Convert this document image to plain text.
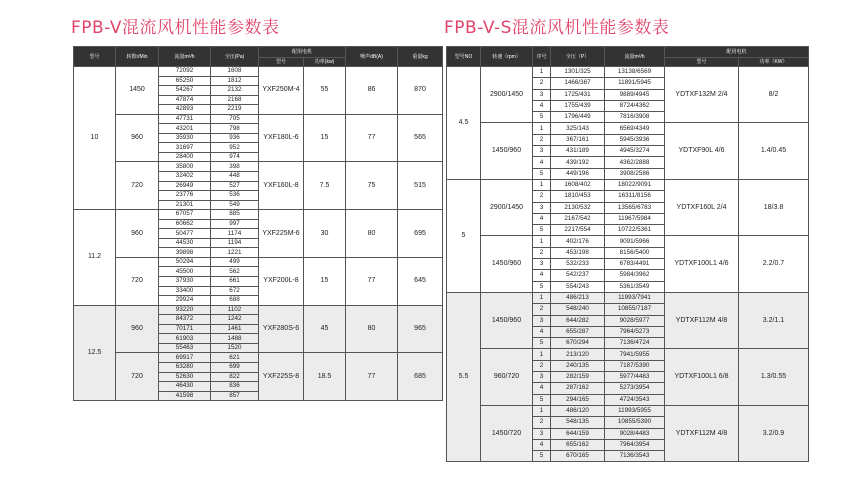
FPB-V混流风机性能参数表	FPB-V-S混流风机性能参数表
型号	转数r/Min	流量m³/h	全压(Pa)	配用电机		噪声dB(A)	重量kg
				型号	功率(kw)		
10	1450	72092	1608	YXF250M-4	55	86	870
		65250	1812				
		54267	2132				
		47874	2168				
		42893	2219				
	960	47731	705	YXF180L-6	15	77	565
		43201	798				
		35930	936				
		31697	952				
		28400	974				
	720	35800	398	YXF160L-8	7.5	75	515
		32402	448				
		26949	527				
		23776	536				
		21301	549				
11.2	960	67057	885	YXF225M-6	30	80	695
		60662	997				
		50477	1174				
		44530	1194				
		39898	1221				
	720	50294	499	YXF200L-8	15	77	645
		45500	562				
		37930	661				
		33400	672				
		29924	688				
12.5	960	93220	1102	YXF280S-6	45	80	965
		84372	1242				
		70171	1461				
		61903	1488				
		55463	1520				
	720	69917	621	YXF225S-8	18.5	77	685
		63280	699				
		52630	822				
		46430	836				
		41598	857				
型号NO	转速（rpm）	序号	全压（P）	流量m³/h	配用电机	
					型号	功率（KW）
4.5	2900/1450	1	1301/325	13138/6569	YDTXF132M 2/4	8/2
		2	1466/367	11891/5945		
		3	1725/431	9889/4945		
		4	1755/439	8724/4362		
		5	1796/449	7816/3908		
	1450/960	1	325/143	6569/4349	YDTXF90L 4/6	1.4/0.45
		2	367/161	5945/3936		
		3	431/189	4945/3274		
		4	439/192	4362/2888		
		5	449/196	3908/2586		
5	2900/1450	1	1608/402	18022/9091	YDTXF160L 2/4	18/3.8
		2	1810/453	16311/8156		
		3	2130/532	13565/6783		
		4	2167/542	11967/5984		
		5	2217/554	10722/5361		
	1450/960	1	402/176	9091/5966	YDTXF100L1 4/6	2.2/0.7
		2	453/198	8156/5400		
		3	532/233	6783/4491		
		4	542/237	5984/3962		
		5	554/243	5361/3549		
5.5	1450/960	1	486/213	11993/7941	YDTXF112M 4/8	3.2/1.1
		2	548/240	10855/7187		
		3	644/282	9028/5977		
		4	655/287	7964/5273		
		5	670/294	7136/4724		
	960/720	1	213/120	7941/5955	YDTXF100L1 6/8	1.3/0.55
		2	240/135	7187/5390		
		3	282/159	5977/4483		
		4	287/162	5273/3954		
		5	294/165	4724/3543		
	1450/720	1	486/120	11993/5955	YDTXF112M 4/8	3.2/0.9
		2	548/135	10855/5390		
		3	644/159	9028/4483		
		4	655/162	7964/3954		
		5	670/165	7136/3543		
